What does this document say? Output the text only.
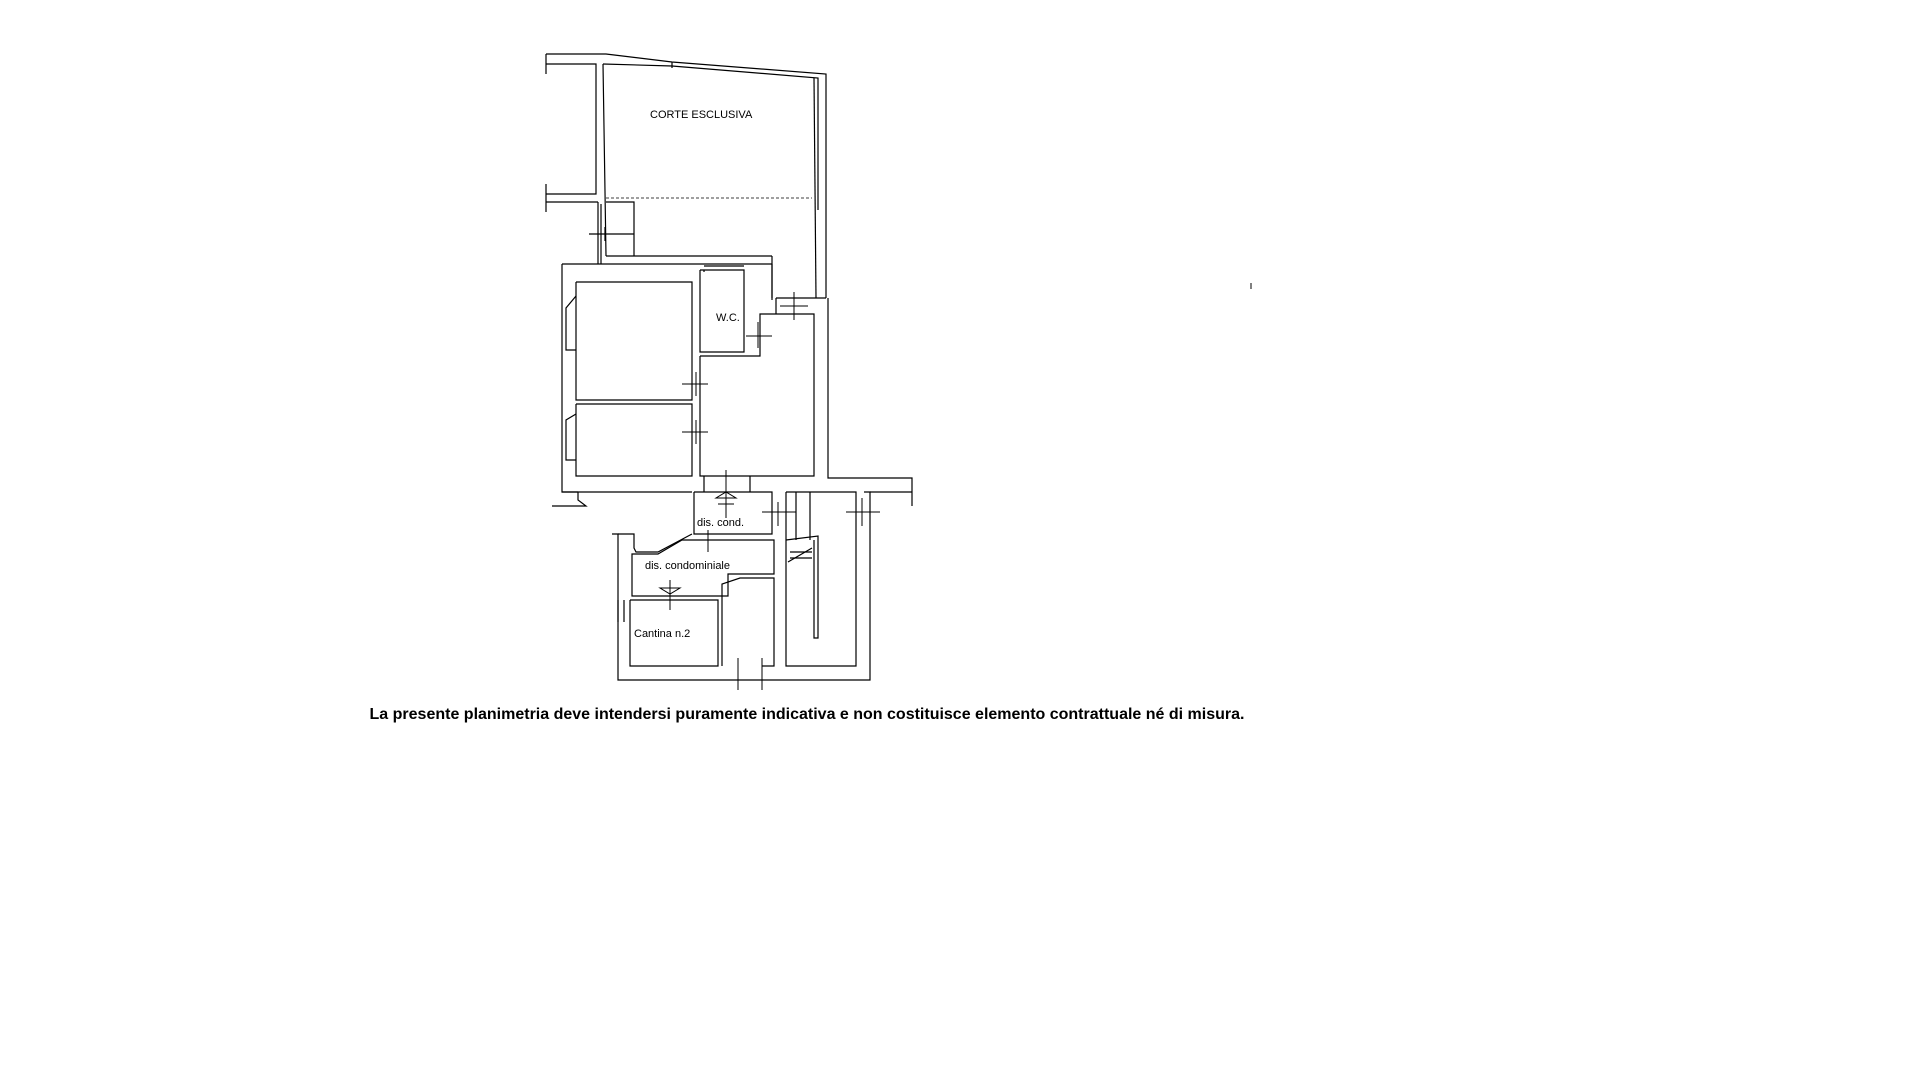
CORTE ESCLUSIVA
W.C.
dis. cond.
dis. condominiale
Cantina n.2
La presente planimetria deve intendersi puramente indicativa e non costituisce elemento contrattuale né di misura.
